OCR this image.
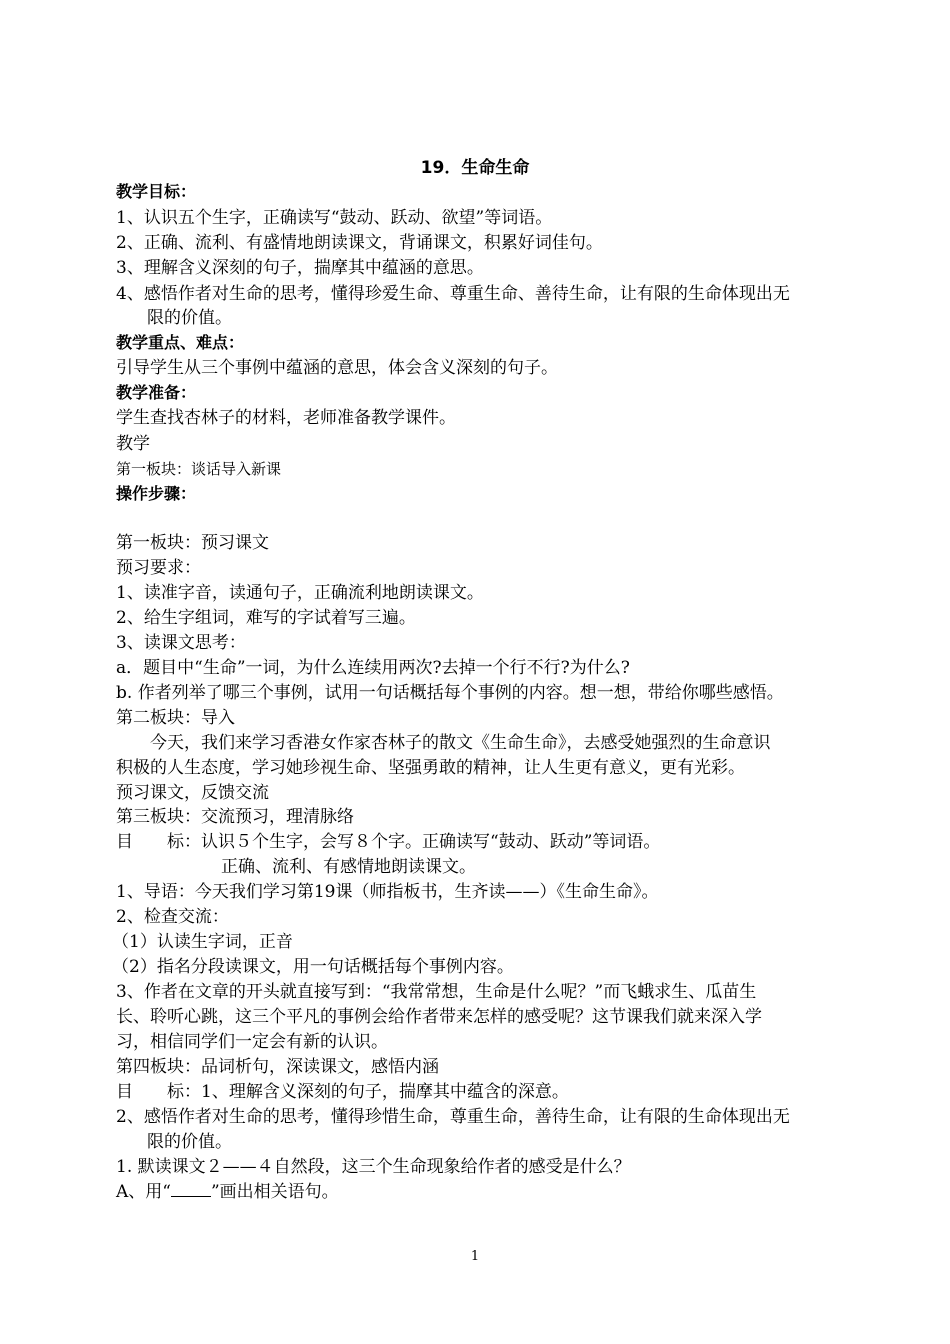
19．生命生命
教学目标：
1、认识五个生字，正确读写“鼓动、跃动、欲望”等词语。
2、正确、流利、有盛情地朗读课文，背诵课文，积累好词佳句。
3、理解含义深刻的句子，揣摩其中蕴涵的意思。
4、感悟作者对生命的思考，懂得珍爱生命、尊重生命、善待生命，让有限的生命体现出无
限的价值。
教学重点、难点：
引导学生从三个事例中蕴涵的意思，体会含义深刻的句子。
教学准备：
学生查找杏林子的材料，老师准备教学课件。
教学
第一板块：谈话导入新课
操作步骤：
第一板块：预习课文
预习要求：
1、读准字音，读通句子，正确流利地朗读课文。
2、给生字组词，难写的字试着写三遍。
3、读课文思考：
a．题目中“生命”一词，为什么连续用两次?去掉一个行不行?为什么?
b. 作者列举了哪三个事例，试用一句话概括每个事例的内容。想一想，带给你哪些感悟。
第二板块：导入
今天，我们来学习香港女作家杏林子的散文《生命生命》，去感受她强烈的生命意识
积极的人生态度，学习她珍视生命、坚强勇敢的精神，让人生更有意义，更有光彩。
预习课文，反馈交流
第三板块：交流预习，理清脉络
目　　标：认识５个生字，会写８个字。正确读写“鼓动、跃动”等词语。
正确、流利、有感情地朗读课文。
1、导语：今天我们学习第19课（师指板书，生齐读——）《生命生命》。
2、检查交流：
（1）认读生字词，正音
（2）指名分段读课文，用一句话概括每个事例内容。
3、作者在文章的开头就直接写到：“我常常想，生命是什么呢？”而飞蛾求生、瓜苗生
长、聆听心跳，这三个平凡的事例会给作者带来怎样的感受呢？这节课我们就来深入学
习，相信同学们一定会有新的认识。
第四板块：品词析句，深读课文，感悟内涵
目　　标：1、理解含义深刻的句子，揣摩其中蕴含的深意。
2、感悟作者对生命的思考，懂得珍惜生命，尊重生命，善待生命，让有限的生命体现出无
限的价值。
1. 默读课文２——４自然段，这三个生命现象给作者的感受是什么？
A、用“ ”画出相关语句。
1
